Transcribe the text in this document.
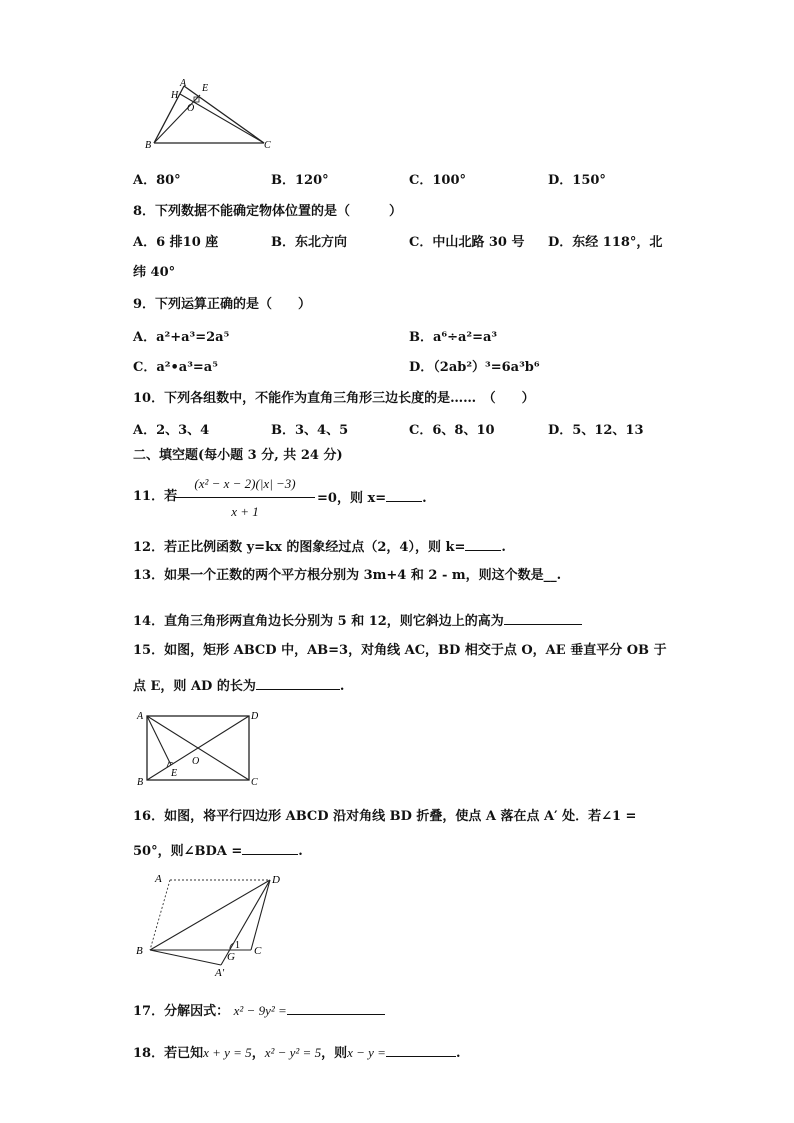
A E
H
O
B	C
A．80°	B．120°	C．100°	D．150°
8．下列数据不能确定物体位置的是（　　　）
A．6 排10 座	B．东北方向	C．中山北路 30 号 D．东经 118°，北
纬 40°
9．下列运算正确的是（　　）
A．a²+a³=2a⁵	B．a⁶÷a²=a³
C．a²•a³=a⁵	D．（2ab²）³=6a³b⁶
10．下列各组数中，不能作为直角三角形三边长度的是……　（　　）
A．2、3、4	B．3、4、5	C．6、8、10	D．5、12、13
二、填空题(每小题 3 分, 共 24 分)
11．若
(x² − x − 2)(|x| −3)
x + 1
=0，则 x=	.
12．若正比例函数 y=kx 的图象经过点（2，4），则 k=	.
13．如果一个正数的两个平方根分别为 3m+4 和 2 - m，则这个数是__.
14．直角三角形两直角边长分别为 5 和 12，则它斜边上的高为
15．如图，矩形 ABCD 中，AB=3，对角线 AC，BD 相交于点 O，AE 垂直平分 OB 于
点 E，则 AD 的长为	.
A	D
B
E
O
C
16．如图，将平行四边形 ABCD 沿对角线 BD 折叠，使点 A 落在点 A′ 处．若∠1 =
50°，则∠BDA =	.
A	D
B	G
1 C
A′
17．分解因式： x² − 9y² =
18．若已知x + y = 5，x² − y² = 5，则x − y =	.
